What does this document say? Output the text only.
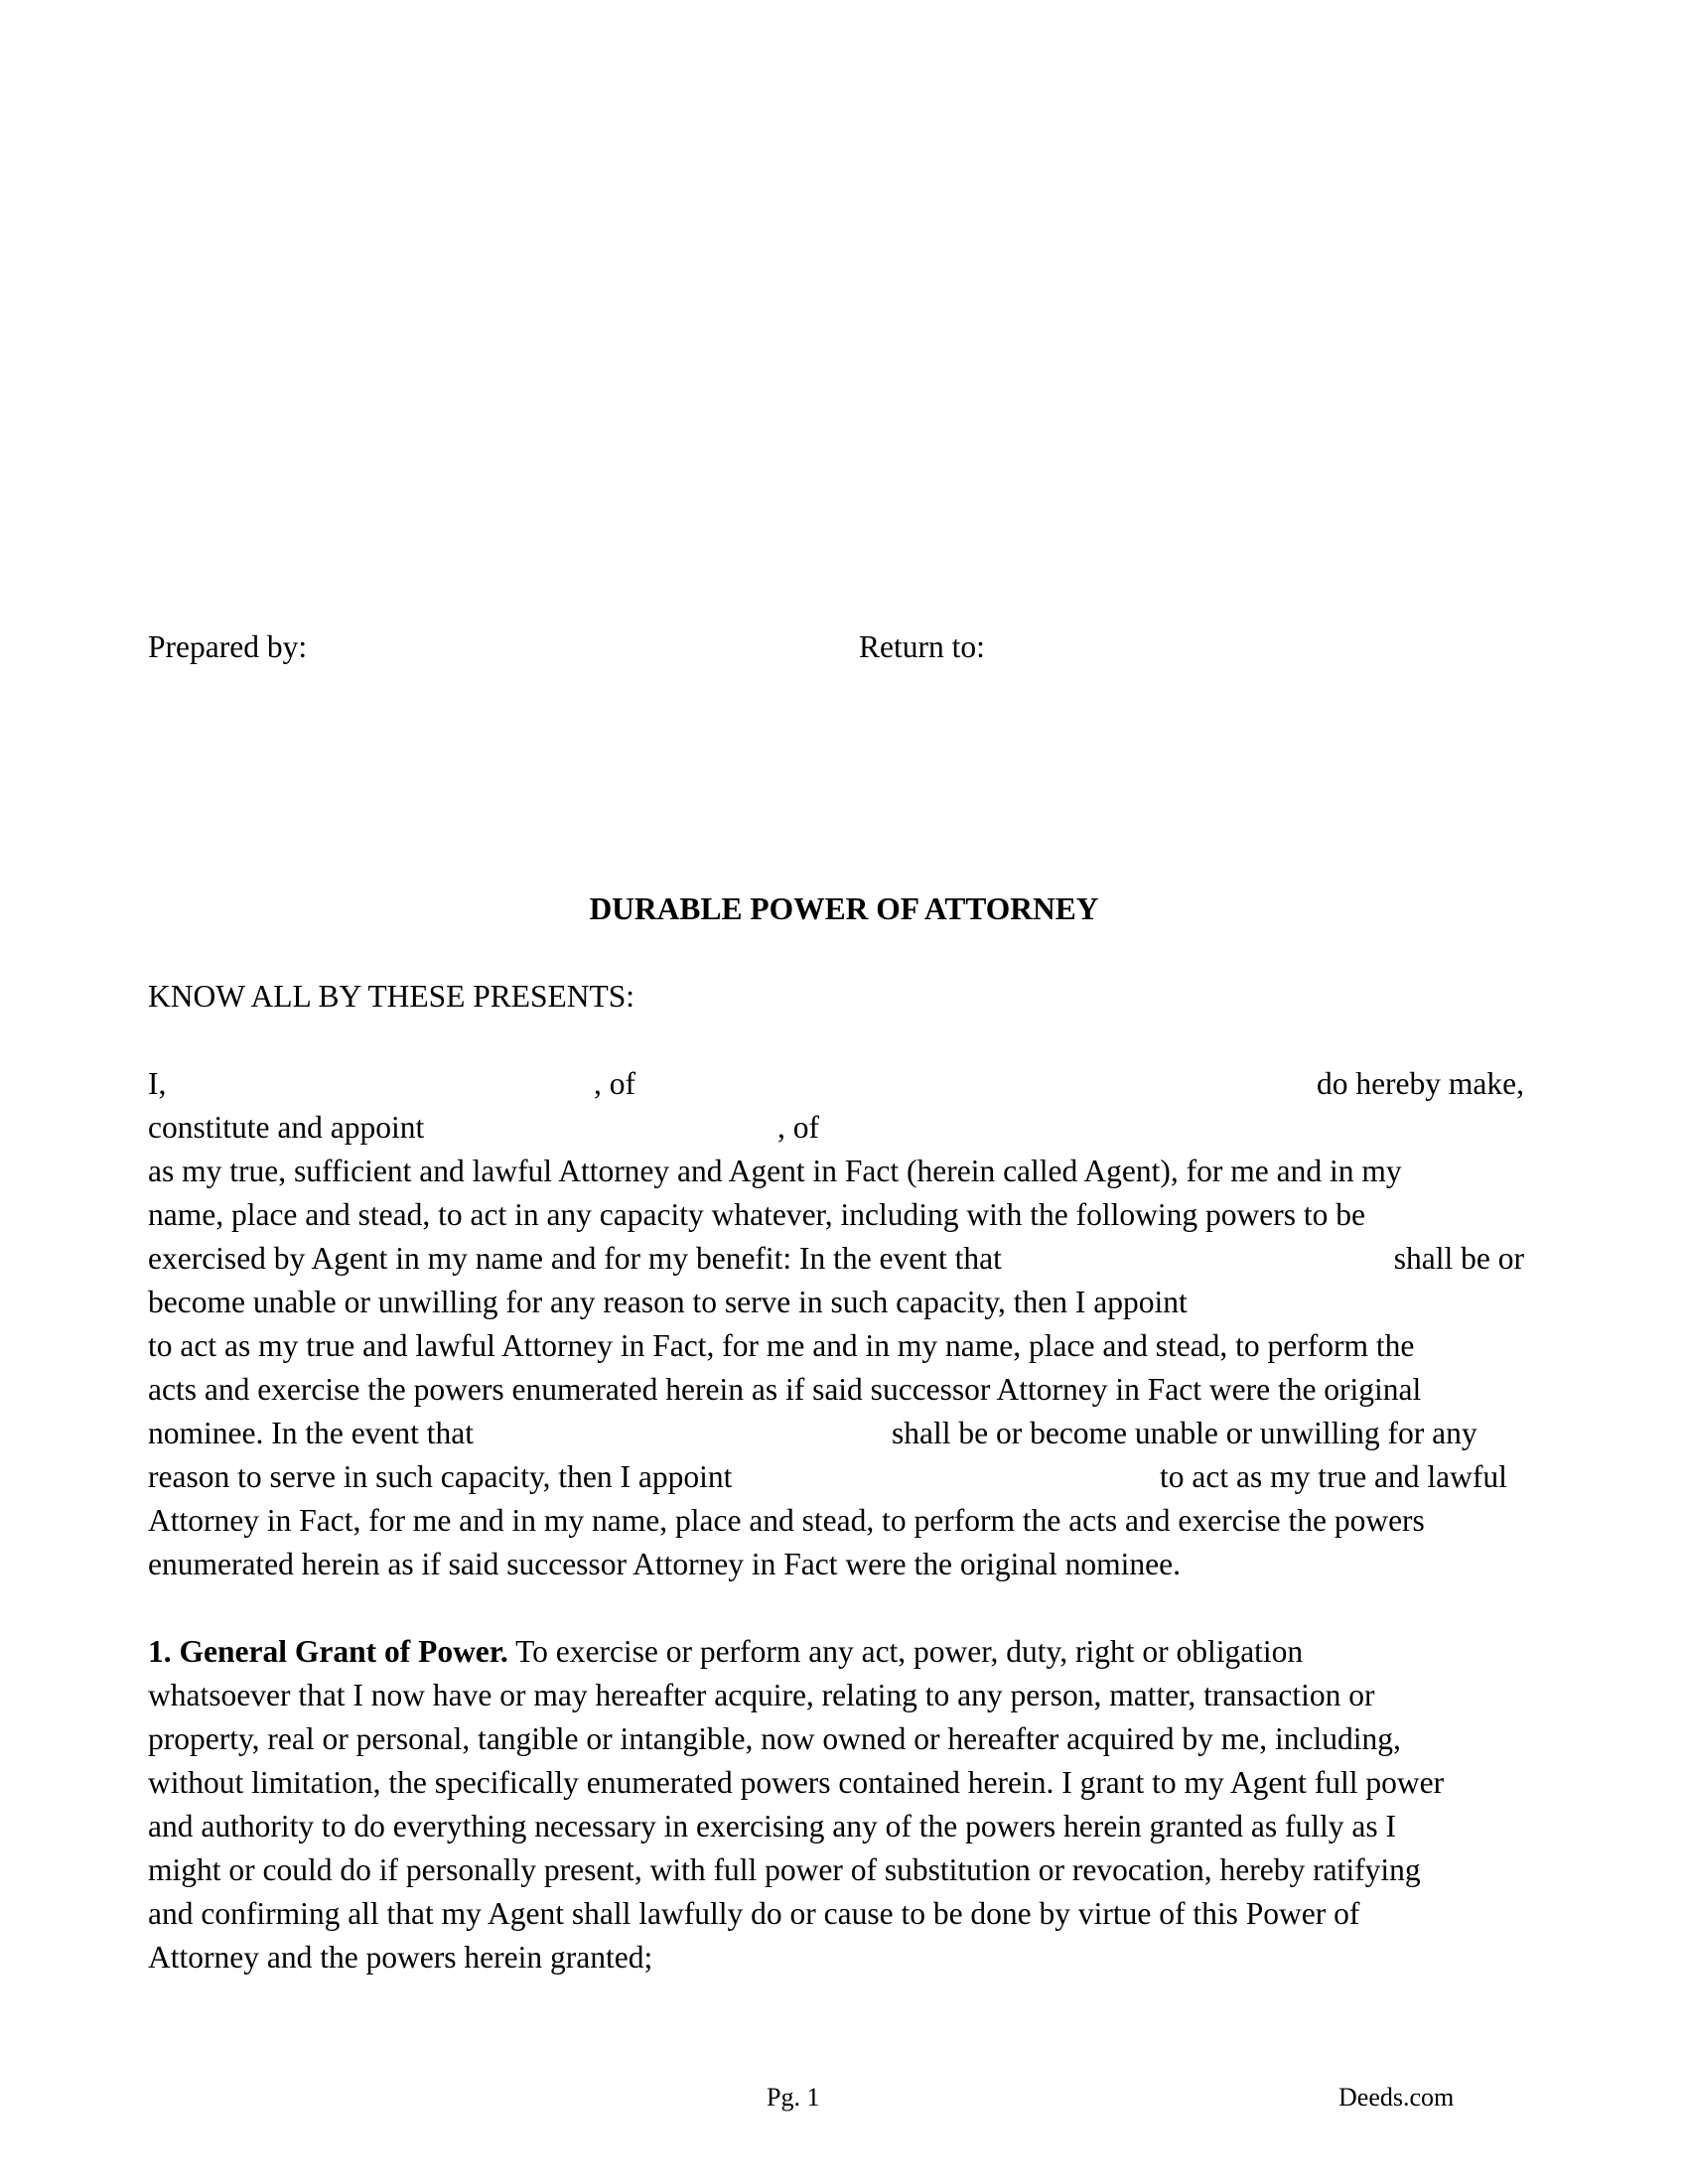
Prepared by:	Return to:
DURABLE POWER OF ATTORNEY
KNOW ALL BY THESE PRESENTS:
I,	, of	do hereby make,
constitute and appoint	, of
as my true, sufficient and lawful Attorney and Agent in Fact (herein called Agent), for me and in my
name, place and stead, to act in any capacity whatever, including with the following powers to be
exercised by Agent in my name and for my benefit: In the event that	shall be or
become unable or unwilling for any reason to serve in such capacity, then I appoint
to act as my true and lawful Attorney in Fact, for me and in my name, place and stead, to perform the
acts and exercise the powers enumerated herein as if said successor Attorney in Fact were the original
nominee. In the event that	shall be or become unable or unwilling for any
reason to serve in such capacity, then I appoint	to act as my true and lawful
Attorney in Fact, for me and in my name, place and stead, to perform the acts and exercise the powers
enumerated herein as if said successor Attorney in Fact were the original nominee.
1. General Grant of Power. To exercise or perform any act, power, duty, right or obligation
whatsoever that I now have or may hereafter acquire, relating to any person, matter, transaction or
property, real or personal, tangible or intangible, now owned or hereafter acquired by me, including,
without limitation, the specifically enumerated powers contained herein. I grant to my Agent full power
and authority to do everything necessary in exercising any of the powers herein granted as fully as I
might or could do if personally present, with full power of substitution or revocation, hereby ratifying
and confirming all that my Agent shall lawfully do or cause to be done by virtue of this Power of
Attorney and the powers herein granted;
Pg. 1	Deeds.com
